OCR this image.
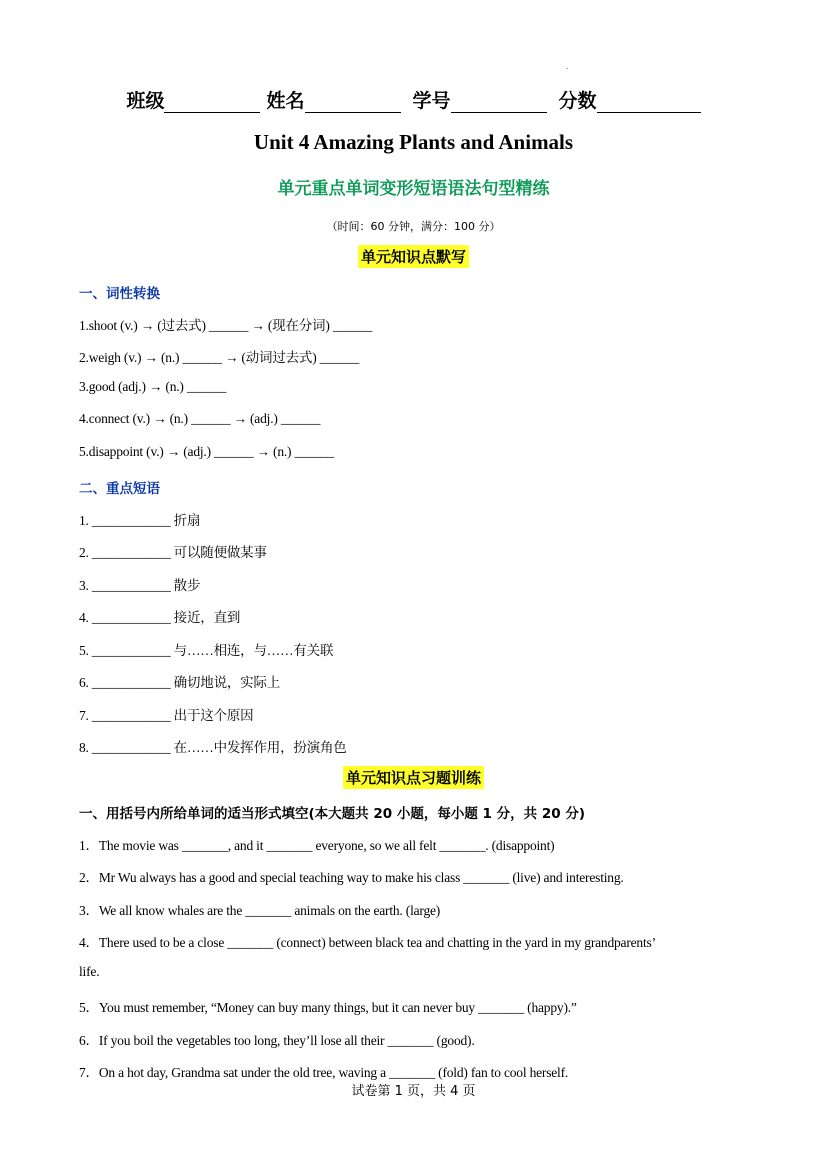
.
班级	姓名	学号	分数
Unit 4 Amazing Plants and Animals
单元重点单词变形短语语法句型精练
（时间：60 分钟，满分：100 分）
单元知识点默写
一、词性转换
1.shoot (v.) → (过去式) ______ → (现在分词) ______
2.weigh (v.) → (n.) ______ → (动词过去式) ______
3.good (adj.) → (n.) ______
4.connect (v.) → (n.) ______ → (adj.) ______
5.disappoint (v.) → (adj.) ______ → (n.) ______
二、重点短语
1. ____________ 折扇
2. ____________ 可以随便做某事
3. ____________ 散步
4. ____________ 接近，直到
5. ____________ 与……相连，与……有关联
6. ____________ 确切地说，实际上
7. ____________ 出于这个原因
8. ____________ 在……中发挥作用，扮演角色
单元知识点习题训练
一、用括号内所给单词的适当形式填空(本大题共 20 小题，每小题 1 分，共 20 分)
1．The movie was _______, and it _______ everyone, so we all felt _______. (disappoint)
2．Mr Wu always has a good and special teaching way to make his class _______ (live) and interesting.
3．We all know whales are the _______ animals on the earth. (large)
4．There used to be a close _______ (connect) between black tea and chatting in the yard in my grandparents’
life.
5．You must remember, “Money can buy many things, but it can never buy _______ (happy).”
6．If you boil the vegetables too long, they’ll lose all their _______ (good).
7．On a hot day, Grandma sat under the old tree, waving a _______ (fold) fan to cool herself.
试卷第 1 页，共 4 页
